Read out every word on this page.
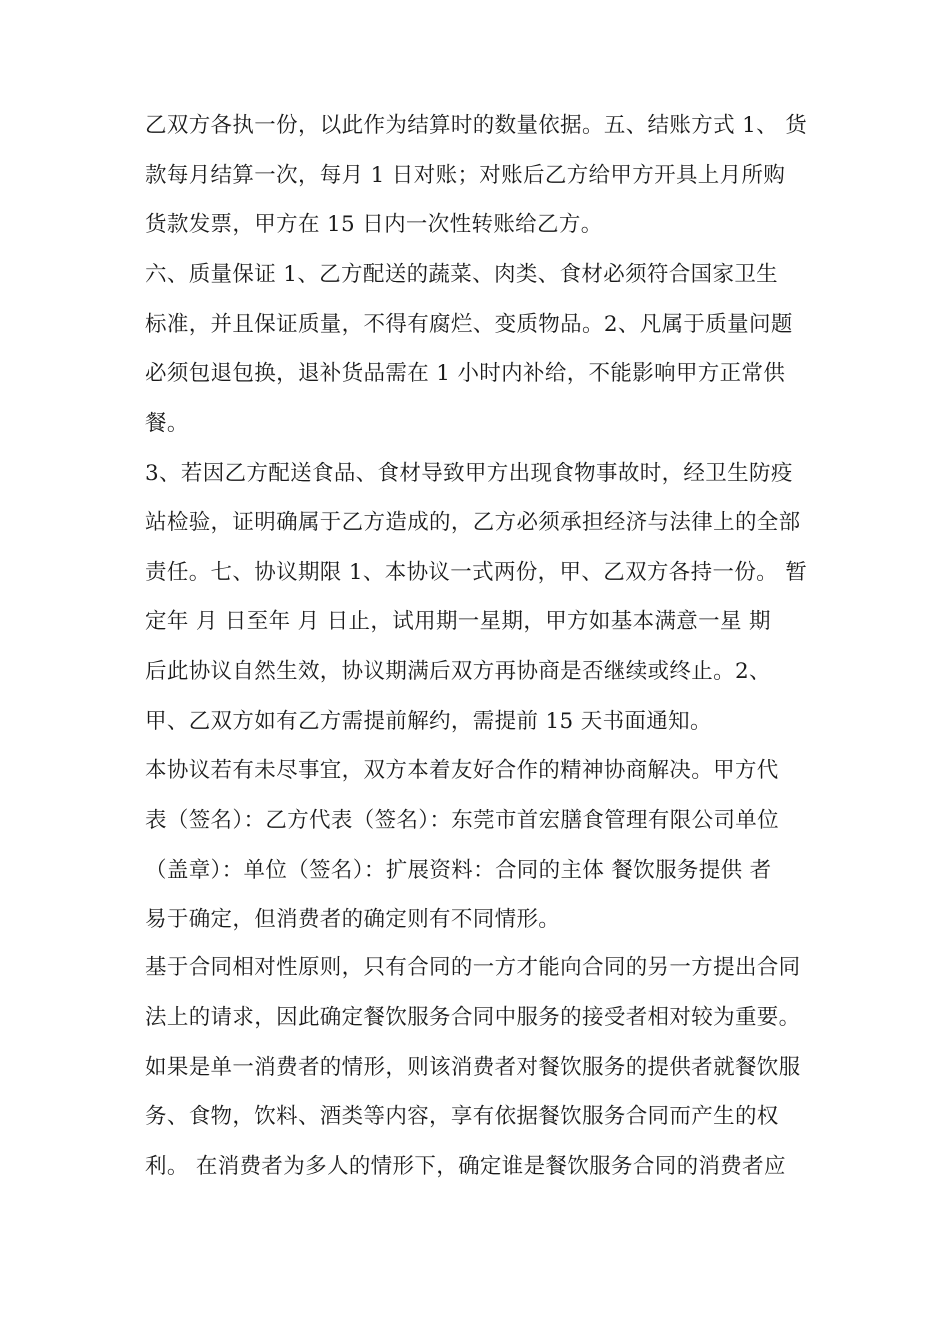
乙双方各执一份，以此作为结算时的数量依据。五、结账方式 1、 货
款每月结算一次，每月 1 日对账；对账后乙方给甲方开具上月所购
货款发票，甲方在 15 日内一次性转账给乙方。
六、质量保证 1、乙方配送的蔬菜、肉类、食材必须符合国家卫生
标准，并且保证质量，不得有腐烂、变质物品。2、凡属于质量问题
必须包退包换，退补货品需在 1 小时内补给，不能影响甲方正常供
餐。
3、若因乙方配送食品、食材导致甲方出现食物事故时，经卫生防疫
站检验，证明确属于乙方造成的，乙方必须承担经济与法律上的全部
责任。七、协议期限 1、本协议一式两份，甲、乙双方各持一份。 暂
定年 月 日至年 月 日止，试用期一星期，甲方如基本满意一星 期
后此协议自然生效，协议期满后双方再协商是否继续或终止。2、
甲、乙双方如有乙方需提前解约，需提前 15 天书面通知。
本协议若有未尽事宜，双方本着友好合作的精神协商解决。甲方代
表（签名）：乙方代表（签名）：东莞市首宏膳食管理有限公司单位
（盖章）：单位（签名）：扩展资料：合同的主体 餐饮服务提供 者
易于确定，但消费者的确定则有不同情形。
基于合同相对性原则，只有合同的一方才能向合同的另一方提出合同
法上的请求，因此确定餐饮服务合同中服务的接受者相对较为重要。
如果是单一消费者的情形，则该消费者对餐饮服务的提供者就餐饮服
务、食物，饮料、酒类等内容，享有依据餐饮服务合同而产生的权
利。 在消费者为多人的情形下，确定谁是餐饮服务合同的消费者应
